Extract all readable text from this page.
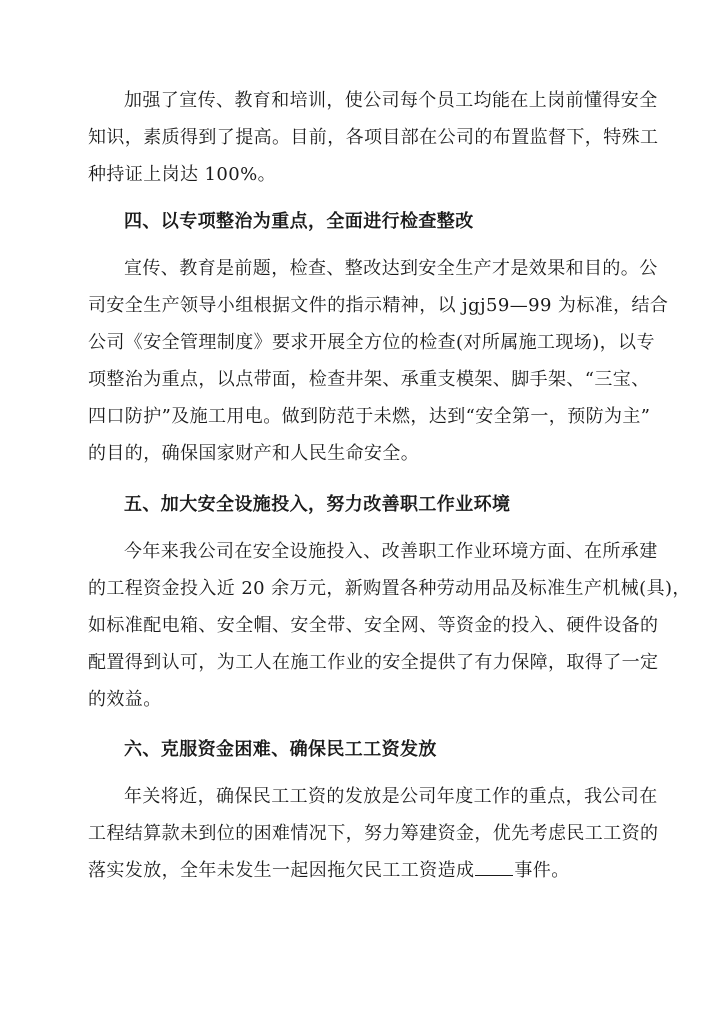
加强了宣传、教育和培训，使公司每个员工均能在上岗前懂得安全
知识，素质得到了提高。目前，各项目部在公司的布置监督下，特殊工
种持证上岗达 100%。
四、以专项整治为重点，全面进行检查整改
宣传、教育是前题，检查、整改达到安全生产才是效果和目的。公
司安全生产领导小组根据文件的指示精神，以 jgj59—99 为标准，结合
公司《安全管理制度》要求开展全方位的检查(对所属施工现场)，以专
项整治为重点，以点带面，检查井架、承重支模架、脚手架、“三宝、
四口防护”及施工用电。做到防范于未燃，达到“安全第一，预防为主”
的目的，确保国家财产和人民生命安全。
五、加大安全设施投入，努力改善职工作业环境
今年来我公司在安全设施投入、改善职工作业环境方面、在所承建
的工程资金投入近 20 余万元，新购置各种劳动用品及标准生产机械(具)，
如标准配电箱、安全帽、安全带、安全网、等资金的投入、硬件设备的
配置得到认可，为工人在施工作业的安全提供了有力保障，取得了一定
的效益。
六、克服资金困难、确保民工工资发放
年关将近，确保民工工资的发放是公司年度工作的重点，我公司在
工程结算款未到位的困难情况下，努力筹建资金，优先考虑民工工资的
落实发放，全年未发生一起因拖欠民工工资造成 事件。
